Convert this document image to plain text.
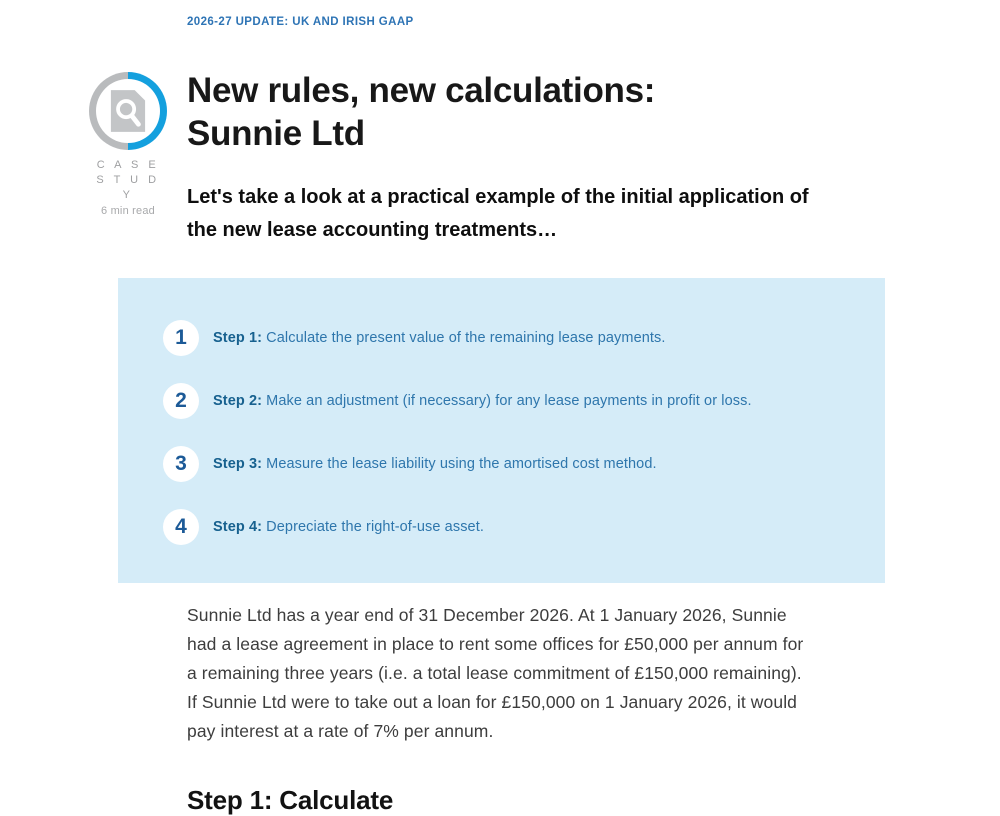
2026-27 UPDATE: UK AND IRISH GAAP
C A S E
S T U D Y
6 min read
New rules, new calculations:
Sunnie Ltd
Let's take a look at a practical example of the initial application of the new lease accounting treatments…
1	Step 1: Calculate the present value of the remaining lease payments.
2	Step 2: Make an adjustment (if necessary) for any lease payments in profit or loss.
3	Step 3: Measure the lease liability using the amortised cost method.
4	Step 4: Depreciate the right-of-use asset.

Sunnie Ltd has a year end of 31 December 2026. At 1 January 2026, Sunnie had a lease agreement in place to rent some offices for £50,000 per annum for a remaining three years (i.e. a total lease commitment of £150,000 remaining). If Sunnie Ltd were to take out a loan for £150,000 on 1 January 2026, it would pay interest at a rate of 7% per annum.

Step 1: Calculate
